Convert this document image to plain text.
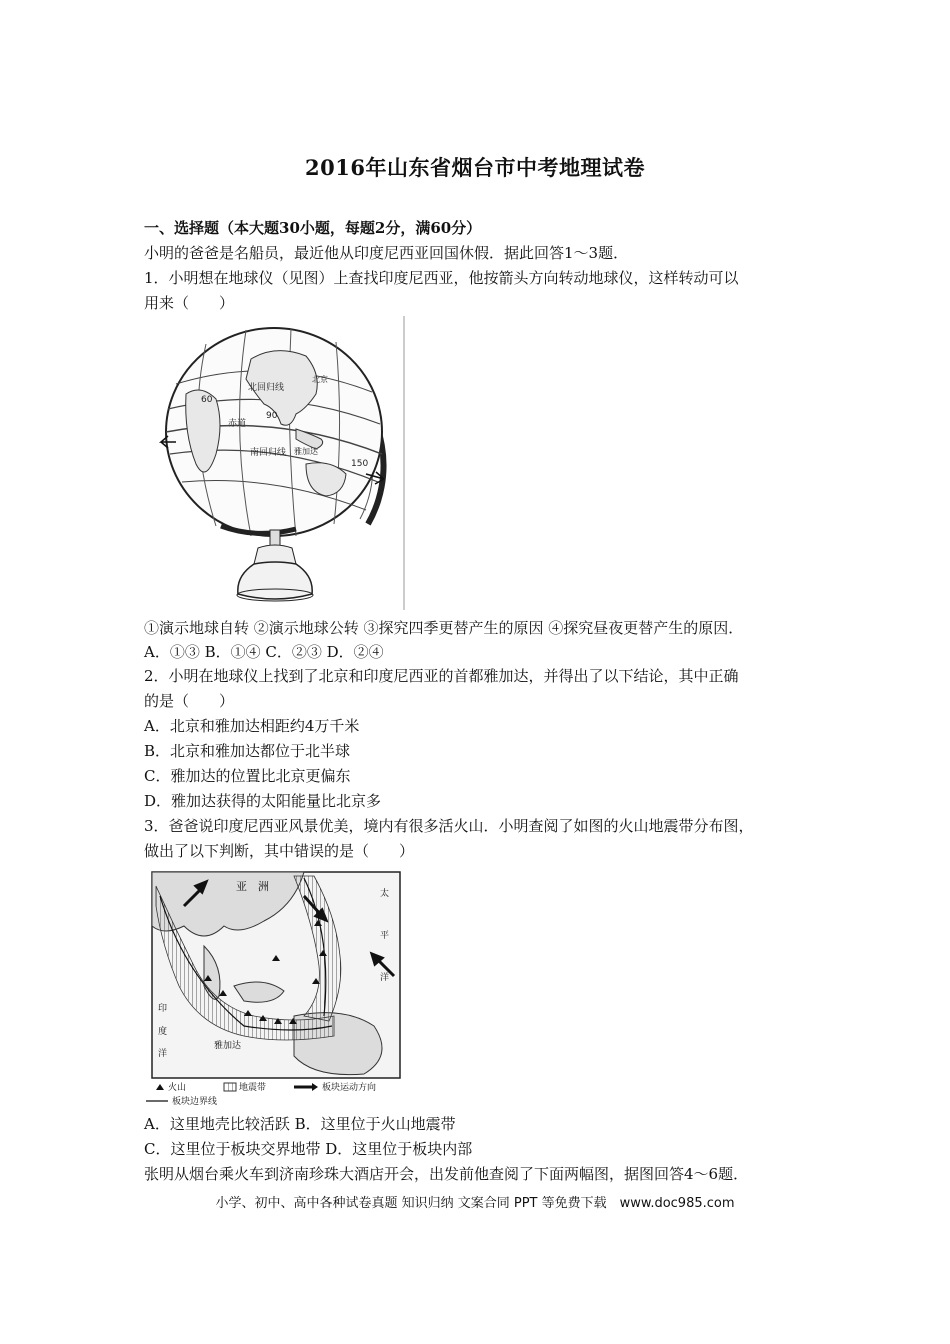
2016年山东省烟台市中考地理试卷
一、选择题（本大题30小题，每题2分，满60分）
小明的爸爸是名船员，最近他从印度尼西亚回国休假．据此回答1～3题．
1．小明想在地球仪（见图）上查找印度尼西亚，他按箭头方向转动地球仪，这样转动可以
用来（　　）
北回归线
南回归线
赤道
北京
雅加达
60
90
150
①演示地球自转 ②演示地球公转 ③探究四季更替产生的原因 ④探究昼夜更替产生的原因．
A．①③ B．①④ C．②③ D．②④
2．小明在地球仪上找到了北京和印度尼西亚的首都雅加达，并得出了以下结论，其中正确
的是（　　）
A．北京和雅加达相距约4万千米
B．北京和雅加达都位于北半球
C．雅加达的位置比北京更偏东
D．雅加达获得的太阳能量比北京多
3．爸爸说印度尼西亚风景优美，境内有很多活火山．小明查阅了如图的火山地震带分布图，
做出了以下判断，其中错误的是（　　）
亚　洲
太
平
洋
印
度
洋
雅加达
火山	地震带	板块运动方向
板块边界线
A．这里地壳比较活跃 B．这里位于火山地震带
C．这里位于板块交界地带 D．这里位于板块内部
张明从烟台乘火车到济南珍珠大酒店开会，出发前他查阅了下面两幅图，据图回答4～6题．
小学、初中、高中各种试卷真题 知识归纳 文案合同 PPT 等免费下载　www.doc985.com
